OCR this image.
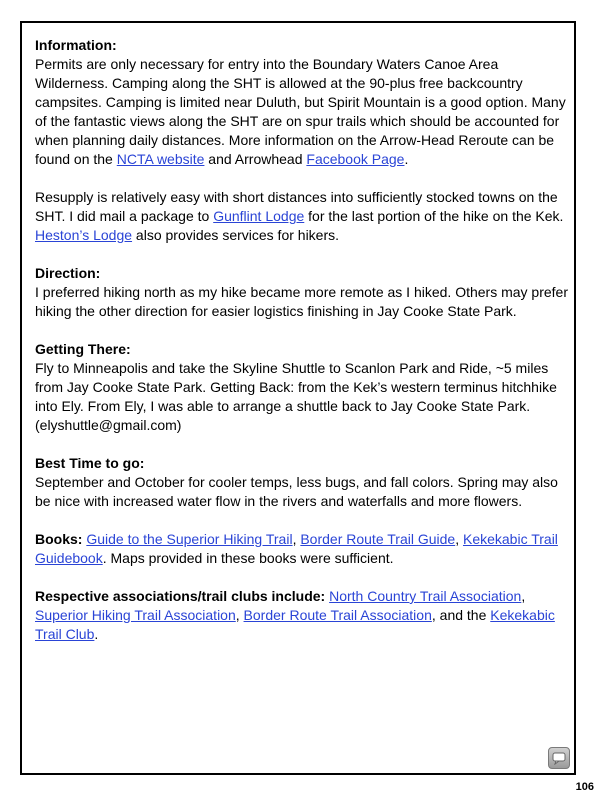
Information:
Permits are only necessary for entry into the Boundary Waters Canoe Area Wilderness. Camping along the SHT is allowed at the 90-plus free backcountry campsites. Camping is limited near Duluth, but Spirit Mountain is a good option. Many of the fantastic views along the SHT are on spur trails which should be accounted for when planning daily distances. More information on the Arrow-Head Reroute can be found on the NCTA website and Arrowhead Facebook Page.
Resupply is relatively easy with short distances into sufficiently stocked towns on the SHT. I did mail a package to Gunflint Lodge for the last portion of the hike on the Kek. Heston’s Lodge also provides services for hikers.
Direction:
I preferred hiking north as my hike became more remote as I hiked. Others may prefer hiking the other direction for easier logistics finishing in Jay Cooke State Park.
Getting There:
Fly to Minneapolis and take the Skyline Shuttle to Scanlon Park and Ride, ~5 miles from Jay Cooke State Park. Getting Back: from the Kek’s western terminus hitchhike into Ely. From Ely, I was able to arrange a shuttle back to Jay Cooke State Park. (elyshuttle@gmail.com)
Best Time to go:
September and October for cooler temps, less bugs, and fall colors. Spring may also be nice with increased water flow in the rivers and waterfalls and more flowers.
Books: Guide to the Superior Hiking Trail, Border Route Trail Guide, Kekekabic Trail Guidebook. Maps provided in these books were sufficient.
Respective associations/trail clubs include: North Country Trail Association, Superior Hiking Trail Association, Border Route Trail Association, and the Kekekabic Trail Club.
106
